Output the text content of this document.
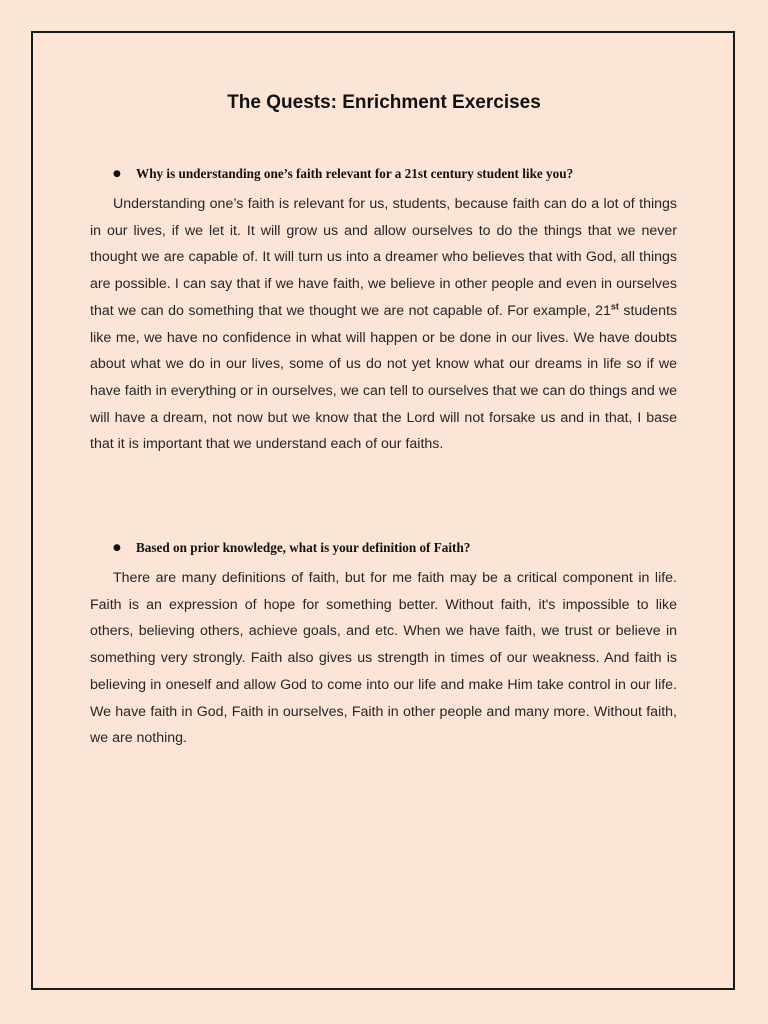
The Quests: Enrichment Exercises
● Why is understanding one’s faith relevant for a 21st century student like you?

Understanding one’s faith is relevant for us, students, because faith can do a lot of things in our lives, if we let it. It will grow us and allow ourselves to do the things that we never thought we are capable of. It will turn us into a dreamer who believes that with God, all things are possible. I can say that if we have faith, we believe in other people and even in ourselves that we can do something that we thought we are not capable of. For example, 21st students like me, we have no confidence in what will happen or be done in our lives. We have doubts about what we do in our lives, some of us do not yet know what our dreams in life so if we have faith in everything or in ourselves, we can tell to ourselves that we can do things and we will have a dream, not now but we know that the Lord will not forsake us and in that, I base that it is important that we understand each of our faiths.

● Based on prior knowledge, what is your definition of Faith?

There are many definitions of faith, but for me faith may be a critical component in life. Faith is an expression of hope for something better. Without faith, it's impossible to like others, believing others, achieve goals, and etc. When we have faith, we trust or believe in something very strongly. Faith also gives us strength in times of our weakness. And faith is believing in oneself and allow God to come into our life and make Him take control in our life. We have faith in God, Faith in ourselves, Faith in other people and many more. Without faith, we are nothing.
